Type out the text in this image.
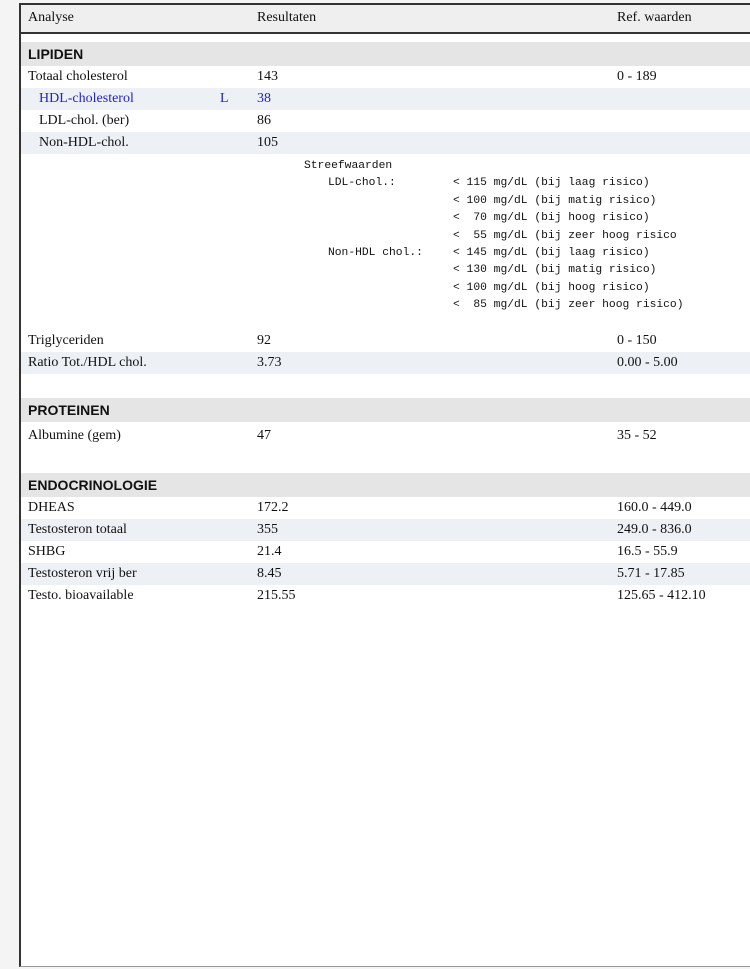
Analyse	Resultaten	Ref. waarden
LIPIDEN
Totaal cholesterol	143	0 - 189
HDL-cholesterol	L 38
LDL-chol. (ber)	86
Non-HDL-chol.	105

Streefwaarden

LDL-chol.:

	< 115 mg/dL (bij laag risico)

< 100 mg/dL (bij matig risico)

<  70 mg/dL (bij hoog risico)

<  55 mg/dL (bij zeer hoog risico

Non-HDL chol.:

	< 145 mg/dL (bij laag risico)

< 130 mg/dL (bij matig risico)

< 100 mg/dL (bij hoog risico)

<  85 mg/dL (bij zeer hoog risico)

Triglyceriden	92	0 - 150
Ratio Tot./HDL chol.	3.73	0.00 - 5.00
PROTEINEN
Albumine (gem)	47	35 - 52
ENDOCRINOLOGIE
DHEAS	172.2	160.0 - 449.0
Testosteron totaal	355	249.0 - 836.0
SHBG	21.4	16.5 - 55.9
Testosteron vrij ber	8.45	5.71 - 17.85
Testo. bioavailable	215.55	125.65 - 412.10
